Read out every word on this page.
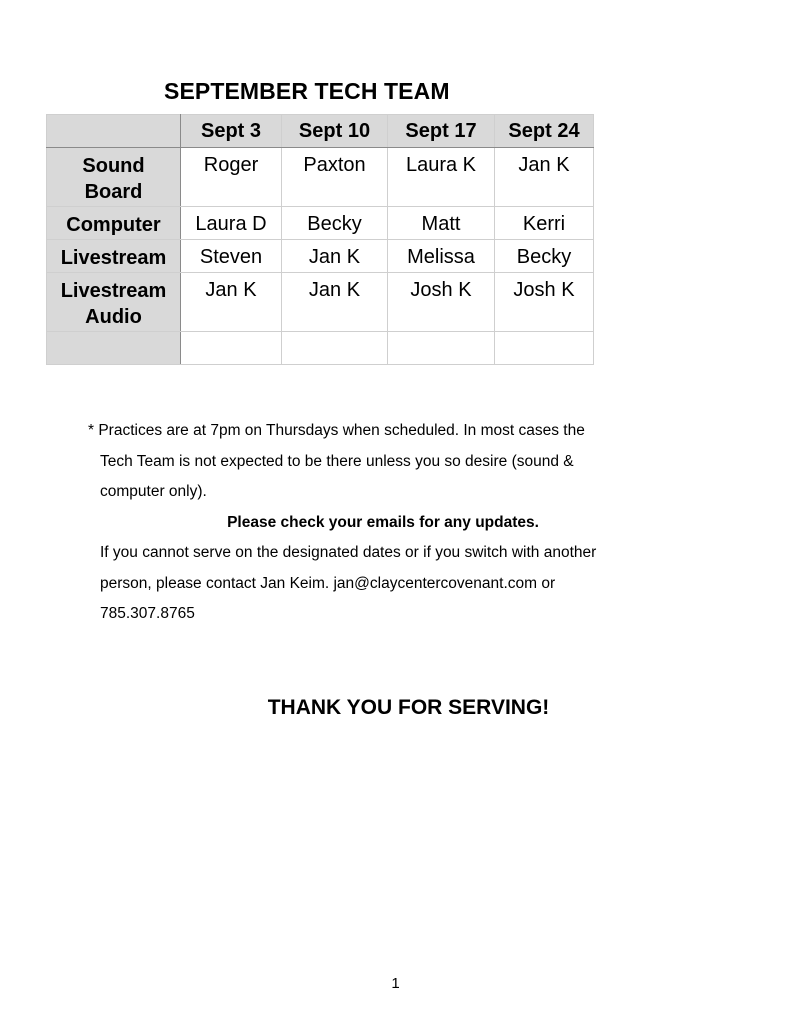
SEPTEMBER TECH TEAM
	Sept 3	Sept 10	Sept 17	Sept 24

Sound
Board	Roger	Paxton	Laura K	Jan K

Computer	Laura D	Becky	Matt	Kerri

Livestream	Steven	Jan K	Melissa	Becky

Livestream
Audio	Jan K	Jan K	Josh K	Josh K

* Practices are at 7pm on Thursdays when scheduled. In most cases the
Tech Team is not expected to be there unless you so desire (sound &
computer only).
Please check your emails for any updates.
If you cannot serve on the designated dates or if you switch with another
person, please contact Jan Keim. jan@claycentercovenant.com or
785.307.8765
THANK YOU FOR SERVING!
1
